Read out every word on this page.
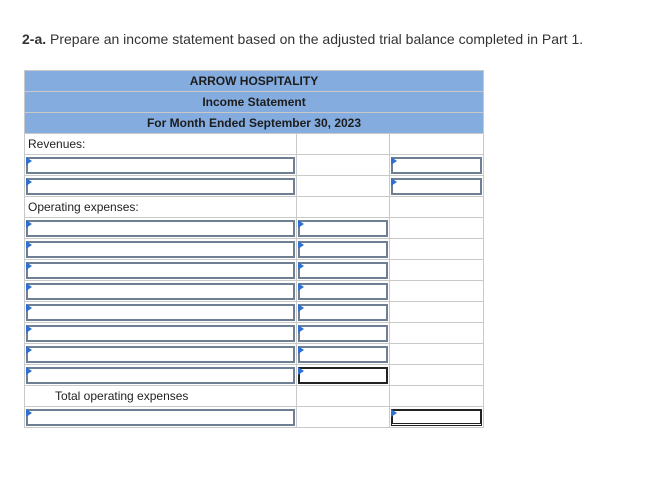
2-a. Prepare an income statement based on the adjusted trial balance completed in Part 1.
ARROW HOSPITALITY		
Income Statement		
For Month Ended September 30, 2023		
Revenues:		

Operating expenses:		

Total operating expenses		
